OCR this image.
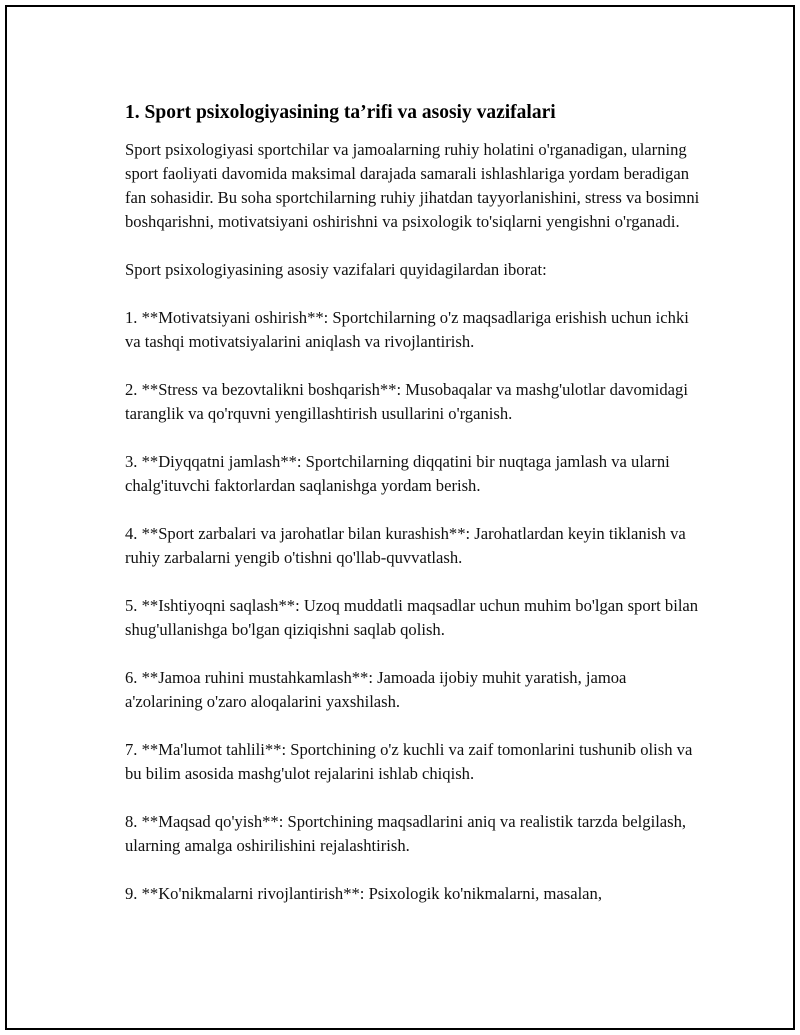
1. Sport psixologiyasining ta’rifi va asosiy vazifalari

Sport psixologiyasi sportchilar va jamoalarning ruhiy holatini o'rganadigan, ularning sport faoliyati davomida maksimal darajada samarali ishlashlariga yordam beradigan fan sohasidir. Bu soha sportchilarning ruhiy jihatdan tayyorlanishini, stress va bosimni boshqarishni, motivatsiyani oshirishni va psixologik to'siqlarni yengishni o'rganadi.

Sport psixologiyasining asosiy vazifalari quyidagilardan iborat:

1. **Motivatsiyani oshirish**: Sportchilarning o'z maqsadlariga erishish uchun ichki va tashqi motivatsiyalarini aniqlash va rivojlantirish.

2. **Stress va bezovtalikni boshqarish**: Musobaqalar va mashg'ulotlar davomidagi taranglik va qo'rquvni yengillashtirish usullarini o'rganish.

3. **Diyqqatni jamlash**: Sportchilarning diqqatini bir nuqtaga jamlash va ularni chalg'ituvchi faktorlardan saqlanishga yordam berish.

4. **Sport zarbalari va jarohatlar bilan kurashish**: Jarohatlardan keyin tiklanish va ruhiy zarbalarni yengib o'tishni qo'llab-quvvatlash.

5. **Ishtiyoqni saqlash**: Uzoq muddatli maqsadlar uchun muhim bo'lgan sport bilan shug'ullanishga bo'lgan qiziqishni saqlab qolish.

6. **Jamoa ruhini mustahkamlash**: Jamoada ijobiy muhit yaratish, jamoa a'zolarining o'zaro aloqalarini yaxshilash.

7. **Ma'lumot tahlili**: Sportchining o'z kuchli va zaif tomonlarini tushunib olish va bu bilim asosida mashg'ulot rejalarini ishlab chiqish.

8. **Maqsad qo'yish**: Sportchining maqsadlarini aniq va realistik tarzda belgilash, ularning amalga oshirilishini rejalashtirish.

9. **Ko'nikmalarni rivojlantirish**: Psixologik ko'nikmalarni, masalan,
